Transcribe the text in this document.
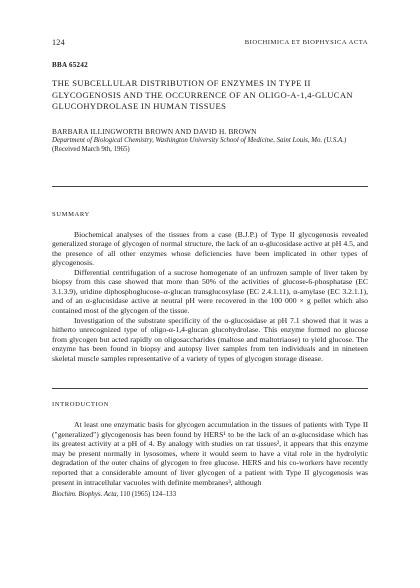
124	BIOCHIMICA ET BIOPHYSICA ACTA
BBA 65242
THE SUBCELLULAR DISTRIBUTION OF ENZYMES IN TYPE II GLYCOGENOSIS AND THE OCCURRENCE OF AN OLIGO-Α-1,4-GLUCAN GLUCOHYDROLASE IN HUMAN TISSUES
BARBARA ILLINGWORTH BROWN AND DAVID H. BROWN
Department of Biological Chemistry, Washington University School of Medicine, Saint Louis, Mo. (U.S.A.)
(Received March 9th, 1965)
SUMMARY

Biochemical analyses of the tissues from a case (B.J.P.) of Type II glycogenosis revealed generalized storage of glycogen of normal structure, the lack of an α-glucosidase active at pH 4.5, and the presence of all other enzymes whose deficiencies have been implicated in other types of glycogenosis.

Differential centrifugation of a sucrose homogenate of an unfrozen sample of liver taken by biopsy from this case showed that more than 50% of the activities of glucose-6-phosphatase (EC 3.1.3.9), uridine diphosphoglucose–α-glucan transglucosylase (EC 2.4.1.11), α-amylase (EC 3.2.1.1), and of an α-glucosidase active at neutral pH were recovered in the 100 000 × g pellet which also contained most of the glycogen of the tissue.

Investigation of the substrate specificity of the α-glucosidase at pH 7.1 showed that it was a hitherto unrecognized type of oligo-α-1,4-glucan glucohydrolase. This enzyme formed no glucose from glycogen but acted rapidly on oligosaccharides (maltose and maltotriaose) to yield glucose. The enzyme has been found in biopsy and autopsy liver samples from ten individuals and in nineteen skeletal muscle samples representative of a variety of types of glycogen storage disease.

INTRODUCTION

At least one enzymatic basis for glycogen accumulation in the tissues of patients with Type II ("generalized") glycogenosis has been found by HERS¹ to be the lack of an α-glucosidase which has its greatest activity at a pH of 4. By analogy with studies on rat tissues², it appears that this enzyme may be present normally in lysosomes, where it would seem to have a vital role in the hydrolytic degradation of the outer chains of glycogen to free glucose. HERS and his co-workers have recently reported that a considerable amount of liver glycogen of a patient with Type II glycogenosis was present in intracellular vacuoles with definite membranes³, although

Biochim. Biophys. Acta, 110 (1965) 124–133
